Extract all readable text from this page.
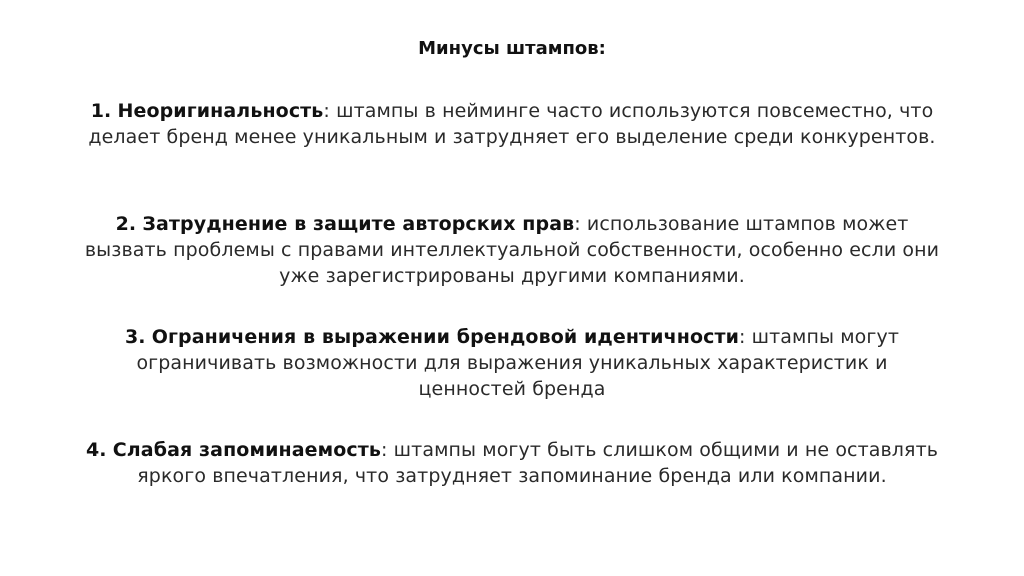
Минусы штампов:
1. Неоригинальность: штампы в нейминге часто используются повсеместно, что делает бренд менее уникальным и затрудняет его выделение среди конкурентов.
2. Затруднение в защите авторских прав: использование штампов может вызвать проблемы с правами интеллектуальной собственности, особенно если они уже зарегистрированы другими компаниями.
3. Ограничения в выражении брендовой идентичности: штампы могут ограничивать возможности для выражения уникальных характеристик и ценностей бренда
4. Слабая запоминаемость: штампы могут быть слишком общими и не оставлять яркого впечатления, что затрудняет запоминание бренда или компании.
